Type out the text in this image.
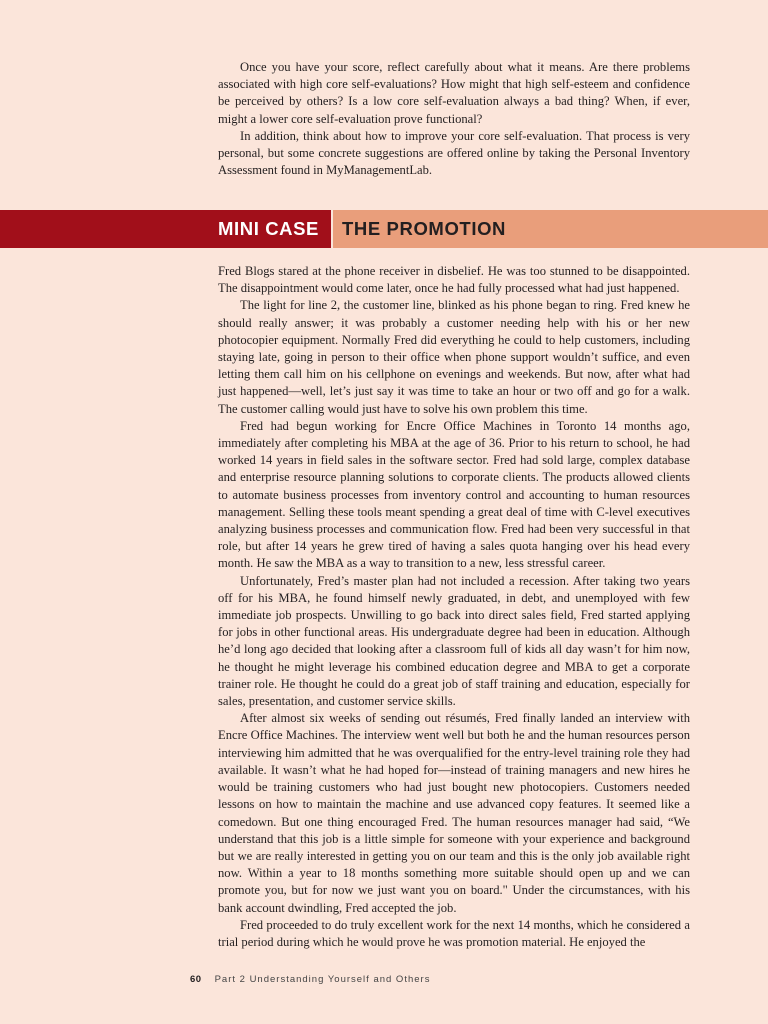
Once you have your score, reflect carefully about what it means. Are there problems associated with high core self-evaluations? How might that high self-esteem and confidence be perceived by others? Is a low core self-evaluation always a bad thing? When, if ever, might a lower core self-evaluation prove functional?

In addition, think about how to improve your core self-evaluation. That process is very personal, but some concrete suggestions are offered online by taking the Personal Inventory Assessment found in MyManagementLab.

MINI CASE THE PROMOTION

Fred Blogs stared at the phone receiver in disbelief. He was too stunned to be disappointed. The disappointment would come later, once he had fully processed what had just happened.

The light for line 2, the customer line, blinked as his phone began to ring. Fred knew he should really answer; it was probably a customer needing help with his or her new photocopier equipment. Normally Fred did everything he could to help customers, including staying late, going in person to their office when phone support wouldn’t suffice, and even letting them call him on his cellphone on evenings and weekends. But now, after what had just happened—well, let’s just say it was time to take an hour or two off and go for a walk. The customer calling would just have to solve his own problem this time.

Fred had begun working for Encre Office Machines in Toronto 14 months ago, immediately after completing his MBA at the age of 36. Prior to his return to school, he had worked 14 years in field sales in the software sector. Fred had sold large, complex database and enterprise resource planning solutions to corporate clients. The products allowed clients to automate business processes from inventory control and accounting to human resources management. Selling these tools meant spending a great deal of time with C-level executives analyzing business processes and communication flow. Fred had been very successful in that role, but after 14 years he grew tired of having a sales quota hanging over his head every month. He saw the MBA as a way to transition to a new, less stressful career.

Unfortunately, Fred’s master plan had not included a recession. After taking two years off for his MBA, he found himself newly graduated, in debt, and unemployed with few immediate job prospects. Unwilling to go back into direct sales field, Fred started applying for jobs in other functional areas. His undergraduate degree had been in education. Although he’d long ago decided that looking after a classroom full of kids all day wasn’t for him now, he thought he might leverage his combined education degree and MBA to get a corporate trainer role. He thought he could do a great job of staff training and education, especially for sales, presentation, and customer service skills.

After almost six weeks of sending out résumés, Fred finally landed an interview with Encre Office Machines. The interview went well but both he and the human resources person interviewing him admitted that he was overqualified for the entry-level training role they had available. It wasn’t what he had hoped for—instead of training managers and new hires he would be training customers who had just bought new photocopiers. Customers needed lessons on how to maintain the machine and use advanced copy features. It seemed like a comedown. But one thing encouraged Fred. The human resources manager had said, “We understand that this job is a little simple for someone with your experience and background but we are really interested in getting you on our team and this is the only job available right now. Within a year to 18 months something more suitable should open up and we can promote you, but for now we just want you on board." Under the circumstances, with his bank account dwindling, Fred accepted the job.

Fred proceeded to do truly excellent work for the next 14 months, which he considered a trial period during which he would prove he was promotion material. He enjoyed the

60 Part 2 Understanding Yourself and Others
